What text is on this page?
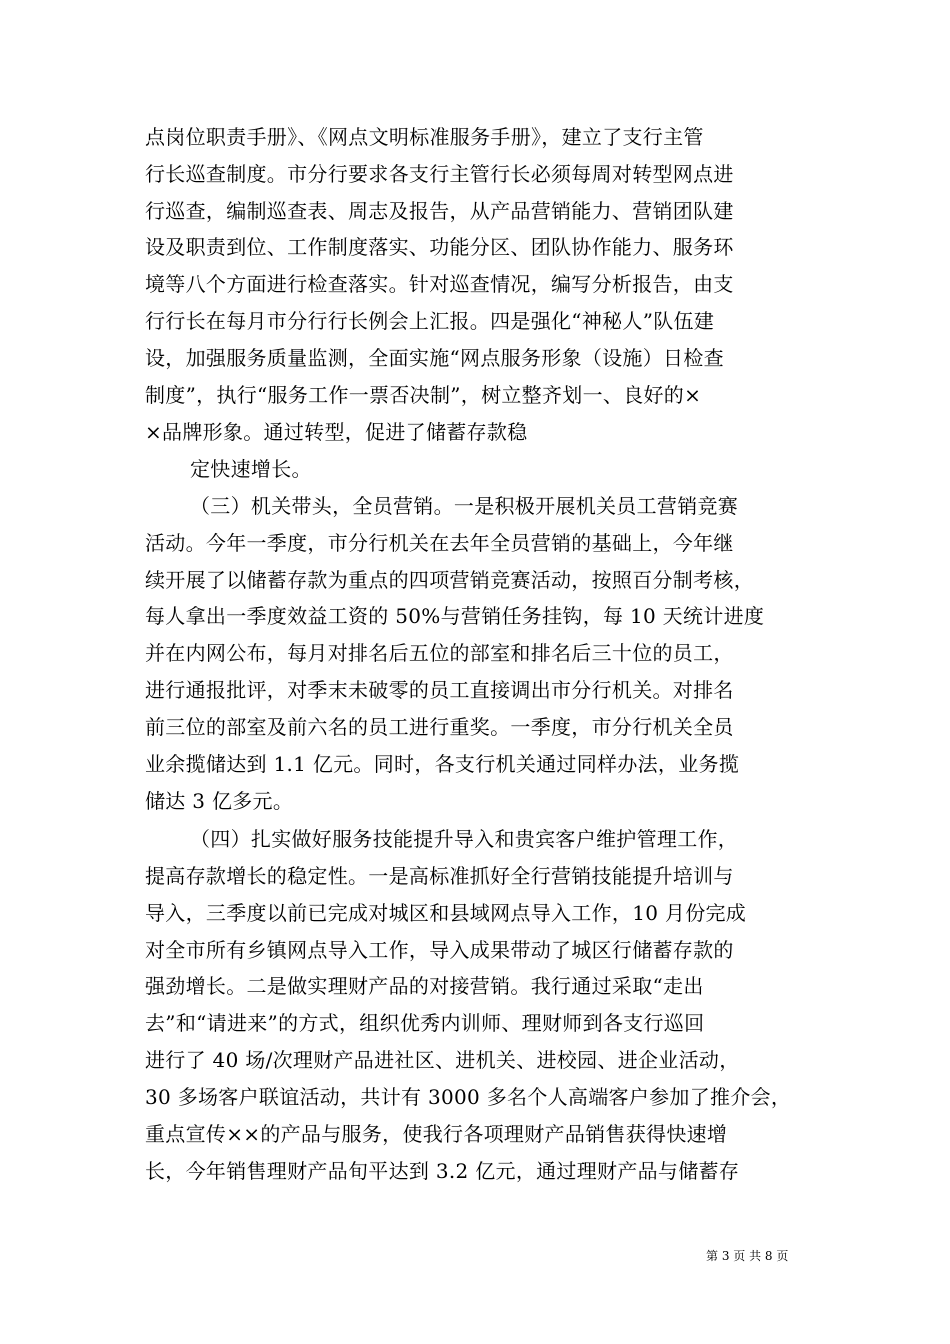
点岗位职责手册》、《网点文明标准服务手册》，建立了支行主管
行长巡查制度。市分行要求各支行主管行长必须每周对转型网点进
行巡查，编制巡查表、周志及报告，从产品营销能力、营销团队建
设及职责到位、工作制度落实、功能分区、团队协作能力、服务环
境等八个方面进行检查落实。针对巡查情况，编写分析报告，由支
行行长在每月市分行行长例会上汇报。四是强化“神秘人”队伍建
设，加强服务质量监测，全面实施“网点服务形象（设施）日检查
制度”，执行“服务工作一票否决制”，树立整齐划一、良好的×
×品牌形象。通过转型，促进了储蓄存款稳
定快速增长。
（三）机关带头，全员营销。一是积极开展机关员工营销竞赛
活动。今年一季度，市分行机关在去年全员营销的基础上，今年继
续开展了以储蓄存款为重点的四项营销竞赛活动，按照百分制考核，
每人拿出一季度效益工资的 50%与营销任务挂钩，每 10 天统计进度
并在内网公布，每月对排名后五位的部室和排名后三十位的员工，
进行通报批评，对季末未破零的员工直接调出市分行机关。对排名
前三位的部室及前六名的员工进行重奖。一季度，市分行机关全员
业余揽储达到 1.1 亿元。同时，各支行机关通过同样办法，业务揽
储达 3 亿多元。
（四）扎实做好服务技能提升导入和贵宾客户维护管理工作，
提高存款增长的稳定性。一是高标准抓好全行营销技能提升培训与
导入，三季度以前已完成对城区和县域网点导入工作，10 月份完成
对全市所有乡镇网点导入工作，导入成果带动了城区行储蓄存款的
强劲增长。二是做实理财产品的对接营销。我行通过采取“走出
去”和“请进来”的方式，组织优秀内训师、理财师到各支行巡回
进行了 40 场/次理财产品进社区、进机关、进校园、进企业活动，
30 多场客户联谊活动，共计有 3000 多名个人高端客户参加了推介会，
重点宣传××的产品与服务，使我行各项理财产品销售获得快速增
长，今年销售理财产品旬平达到 3.2 亿元，通过理财产品与储蓄存
第 3 页 共 8 页
